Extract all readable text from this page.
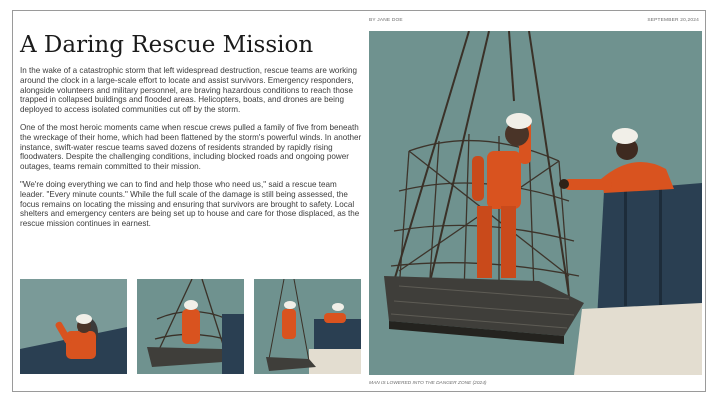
A Daring Rescue Mission

In the wake of a catastrophic storm that left widespread destruction, rescue teams are working around the clock in a large-scale effort to locate and assist survivors. Emergency responders, alongside volunteers and military personnel, are braving hazardous conditions to reach those trapped in collapsed buildings and flooded areas. Helicopters, boats, and drones are being deployed to access isolated communities cut off by the storm.

One of the most heroic moments came when rescue crews pulled a family of five from beneath the wreckage of their home, which had been flattened by the storm's powerful winds. In another instance, swift-water rescue teams saved dozens of residents stranded by rapidly rising floodwaters. Despite the challenging conditions, including blocked roads and ongoing power outages, teams remain committed to their mission.

"We're doing everything we can to find and help those who need us," said a rescue team leader. "Every minute counts." While the full scale of the damage is still being assessed, the focus remains on locating the missing and ensuring that survivors are brought to safety. Local shelters and emergency centers are being set up to house and care for those displaced, as the rescue mission continues in earnest.

BY JANE DOE	SEPTEMBER 20,2024
MAN IS LOWERED INTO THE DANGER ZONE (2024)
